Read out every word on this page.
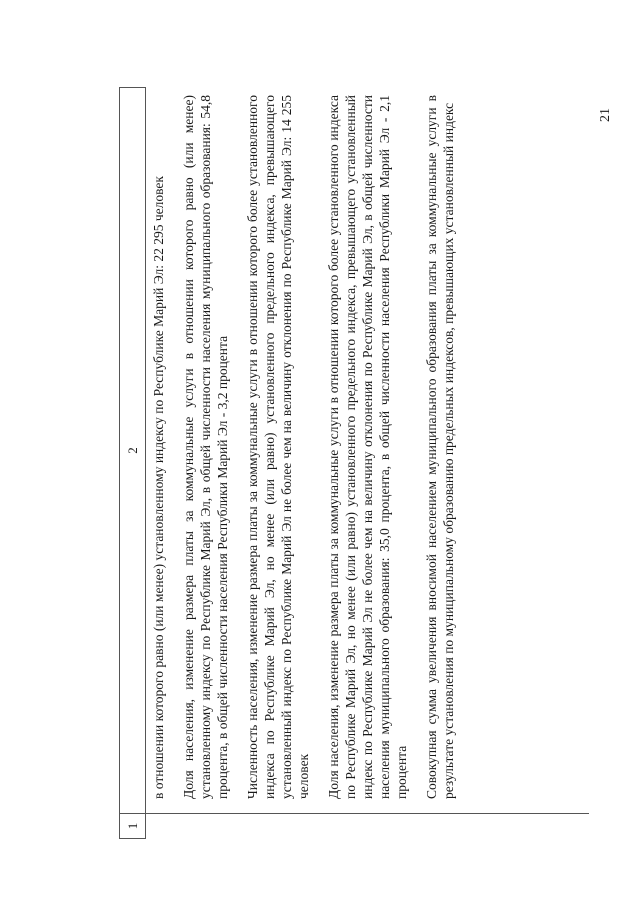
21
1
2 в отношении которого равно (или менее) установленному индексу по Республике Марий Эл: 22 295 человек Доля населения, изменение размера платы за коммунальные услуги в отношении которого равно (или менее) установленному индексу по Республике Марий Эл, в общей численности населения муниципального образования: 54,8 процента, в общей численности населения Республики Марий Эл - 3,2 процента Численность населения, изменение размера платы за коммунальные услуги в отношении которого более установленного индекса по Республике Марий Эл, но менее (или равно) установленного предельного индекса, превышающего установленный индекс по Республике Марий Эл не более чем на величину отклонения по Республике Марий Эл: 14 255 человек Доля населения, изменение размера платы за коммунальные услуги в отношении которого более установленного индекса по Республике Марий Эл, но менее (или равно) установленного предельного индекса, превышающего установленный индекс по Республике Марий Эл не более чем на величину отклонения по Республике Марий Эл, в общей численности населения муниципального образования: 35,0 процента, в общей численности населения Республики Марий Эл - 2,1 процента Совокупная сумма увеличения вносимой населением муниципального образования платы за коммунальные услуги в результате установления по муниципальному образованию предельных индексов, превышающих установленный индекс
